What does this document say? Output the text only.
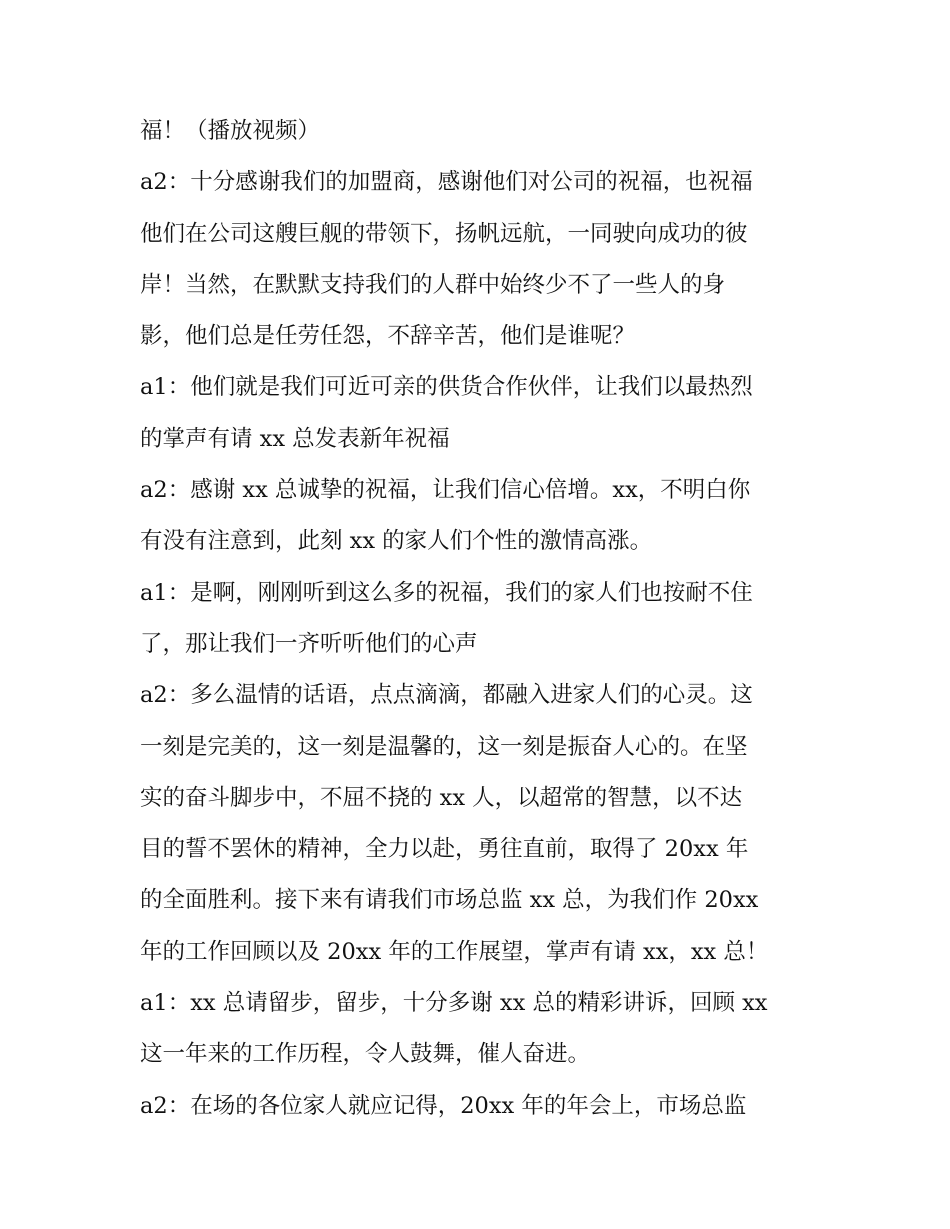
福！（播放视频）
a2：十分感谢我们的加盟商，感谢他们对公司的祝福，也祝福
他们在公司这艘巨舰的带领下，扬帆远航，一同驶向成功的彼
岸！当然，在默默支持我们的人群中始终少不了一些人的身
影，他们总是任劳任怨，不辞辛苦，他们是谁呢？
a1：他们就是我们可近可亲的供货合作伙伴，让我们以最热烈
的掌声有请 xx 总发表新年祝福
a2：感谢 xx 总诚挚的祝福，让我们信心倍增。xx，不明白你
有没有注意到，此刻 xx 的家人们个性的激情高涨。
a1：是啊，刚刚听到这么多的祝福，我们的家人们也按耐不住
了，那让我们一齐听听他们的心声
a2：多么温情的话语，点点滴滴，都融入进家人们的心灵。这
一刻是完美的，这一刻是温馨的，这一刻是振奋人心的。在坚
实的奋斗脚步中，不屈不挠的 xx 人，以超常的智慧，以不达
目的誓不罢休的精神，全力以赴，勇往直前，取得了 20xx 年
的全面胜利。接下来有请我们市场总监 xx 总，为我们作 20xx
年的工作回顾以及 20xx 年的工作展望，掌声有请 xx，xx 总！
a1：xx 总请留步，留步，十分多谢 xx 总的精彩讲诉，回顾 xx
这一年来的工作历程，令人鼓舞，催人奋进。
a2：在场的各位家人就应记得，20xx 年的年会上，市场总监
